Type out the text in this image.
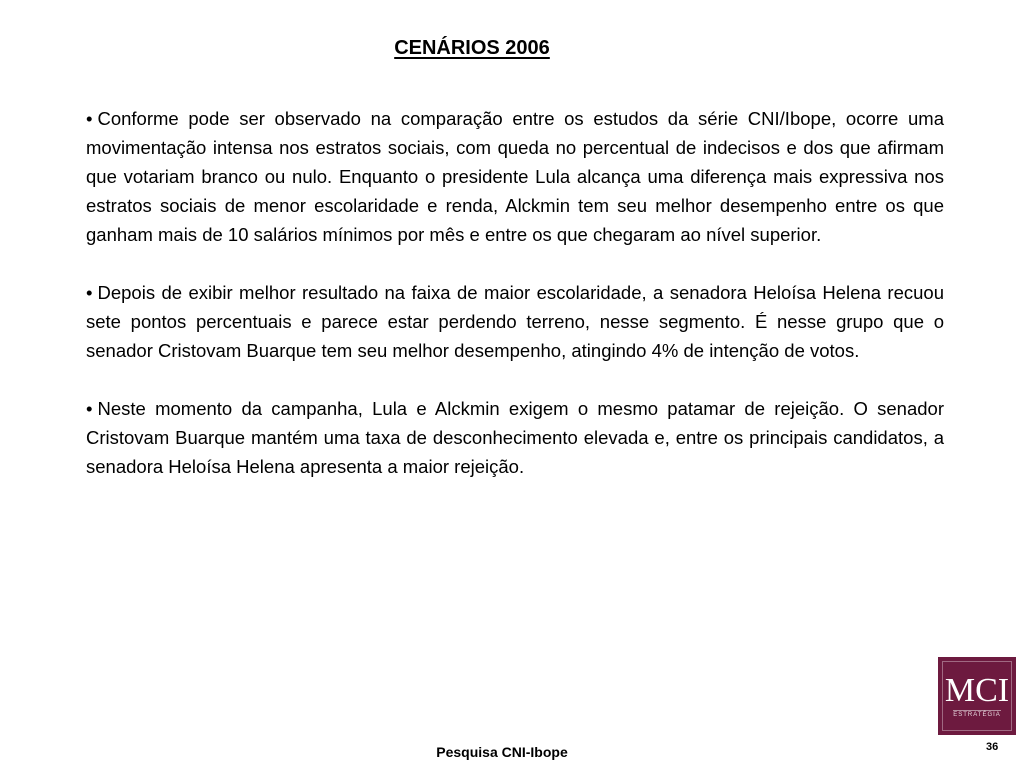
CENÁRIOS 2006

• Conforme pode ser observado na comparação entre os estudos da série CNI/Ibope, ocorre uma movimentação intensa nos estratos sociais, com queda no percentual de indecisos e dos que afirmam que votariam branco ou nulo. Enquanto o presidente Lula alcança uma diferença mais expressiva nos estratos sociais de menor escolaridade e renda, Alckmin tem seu melhor desempenho entre os que ganham mais de 10 salários mínimos por mês e entre os que chegaram ao nível superior.

• Depois de exibir melhor resultado na faixa de maior escolaridade, a senadora Heloísa Helena recuou sete pontos percentuais e parece estar perdendo terreno, nesse segmento. É nesse grupo que o senador Cristovam Buarque tem seu melhor desempenho, atingindo 4% de intenção de votos.

• Neste momento da campanha, Lula e Alckmin exigem o mesmo patamar de rejeição. O senador Cristovam Buarque mantém uma taxa de desconhecimento elevada e, entre os principais candidatos, a senadora Heloísa Helena apresenta a maior rejeição.

MCI
ESTRATÉGIA
Pesquisa CNI-Ibope	36
